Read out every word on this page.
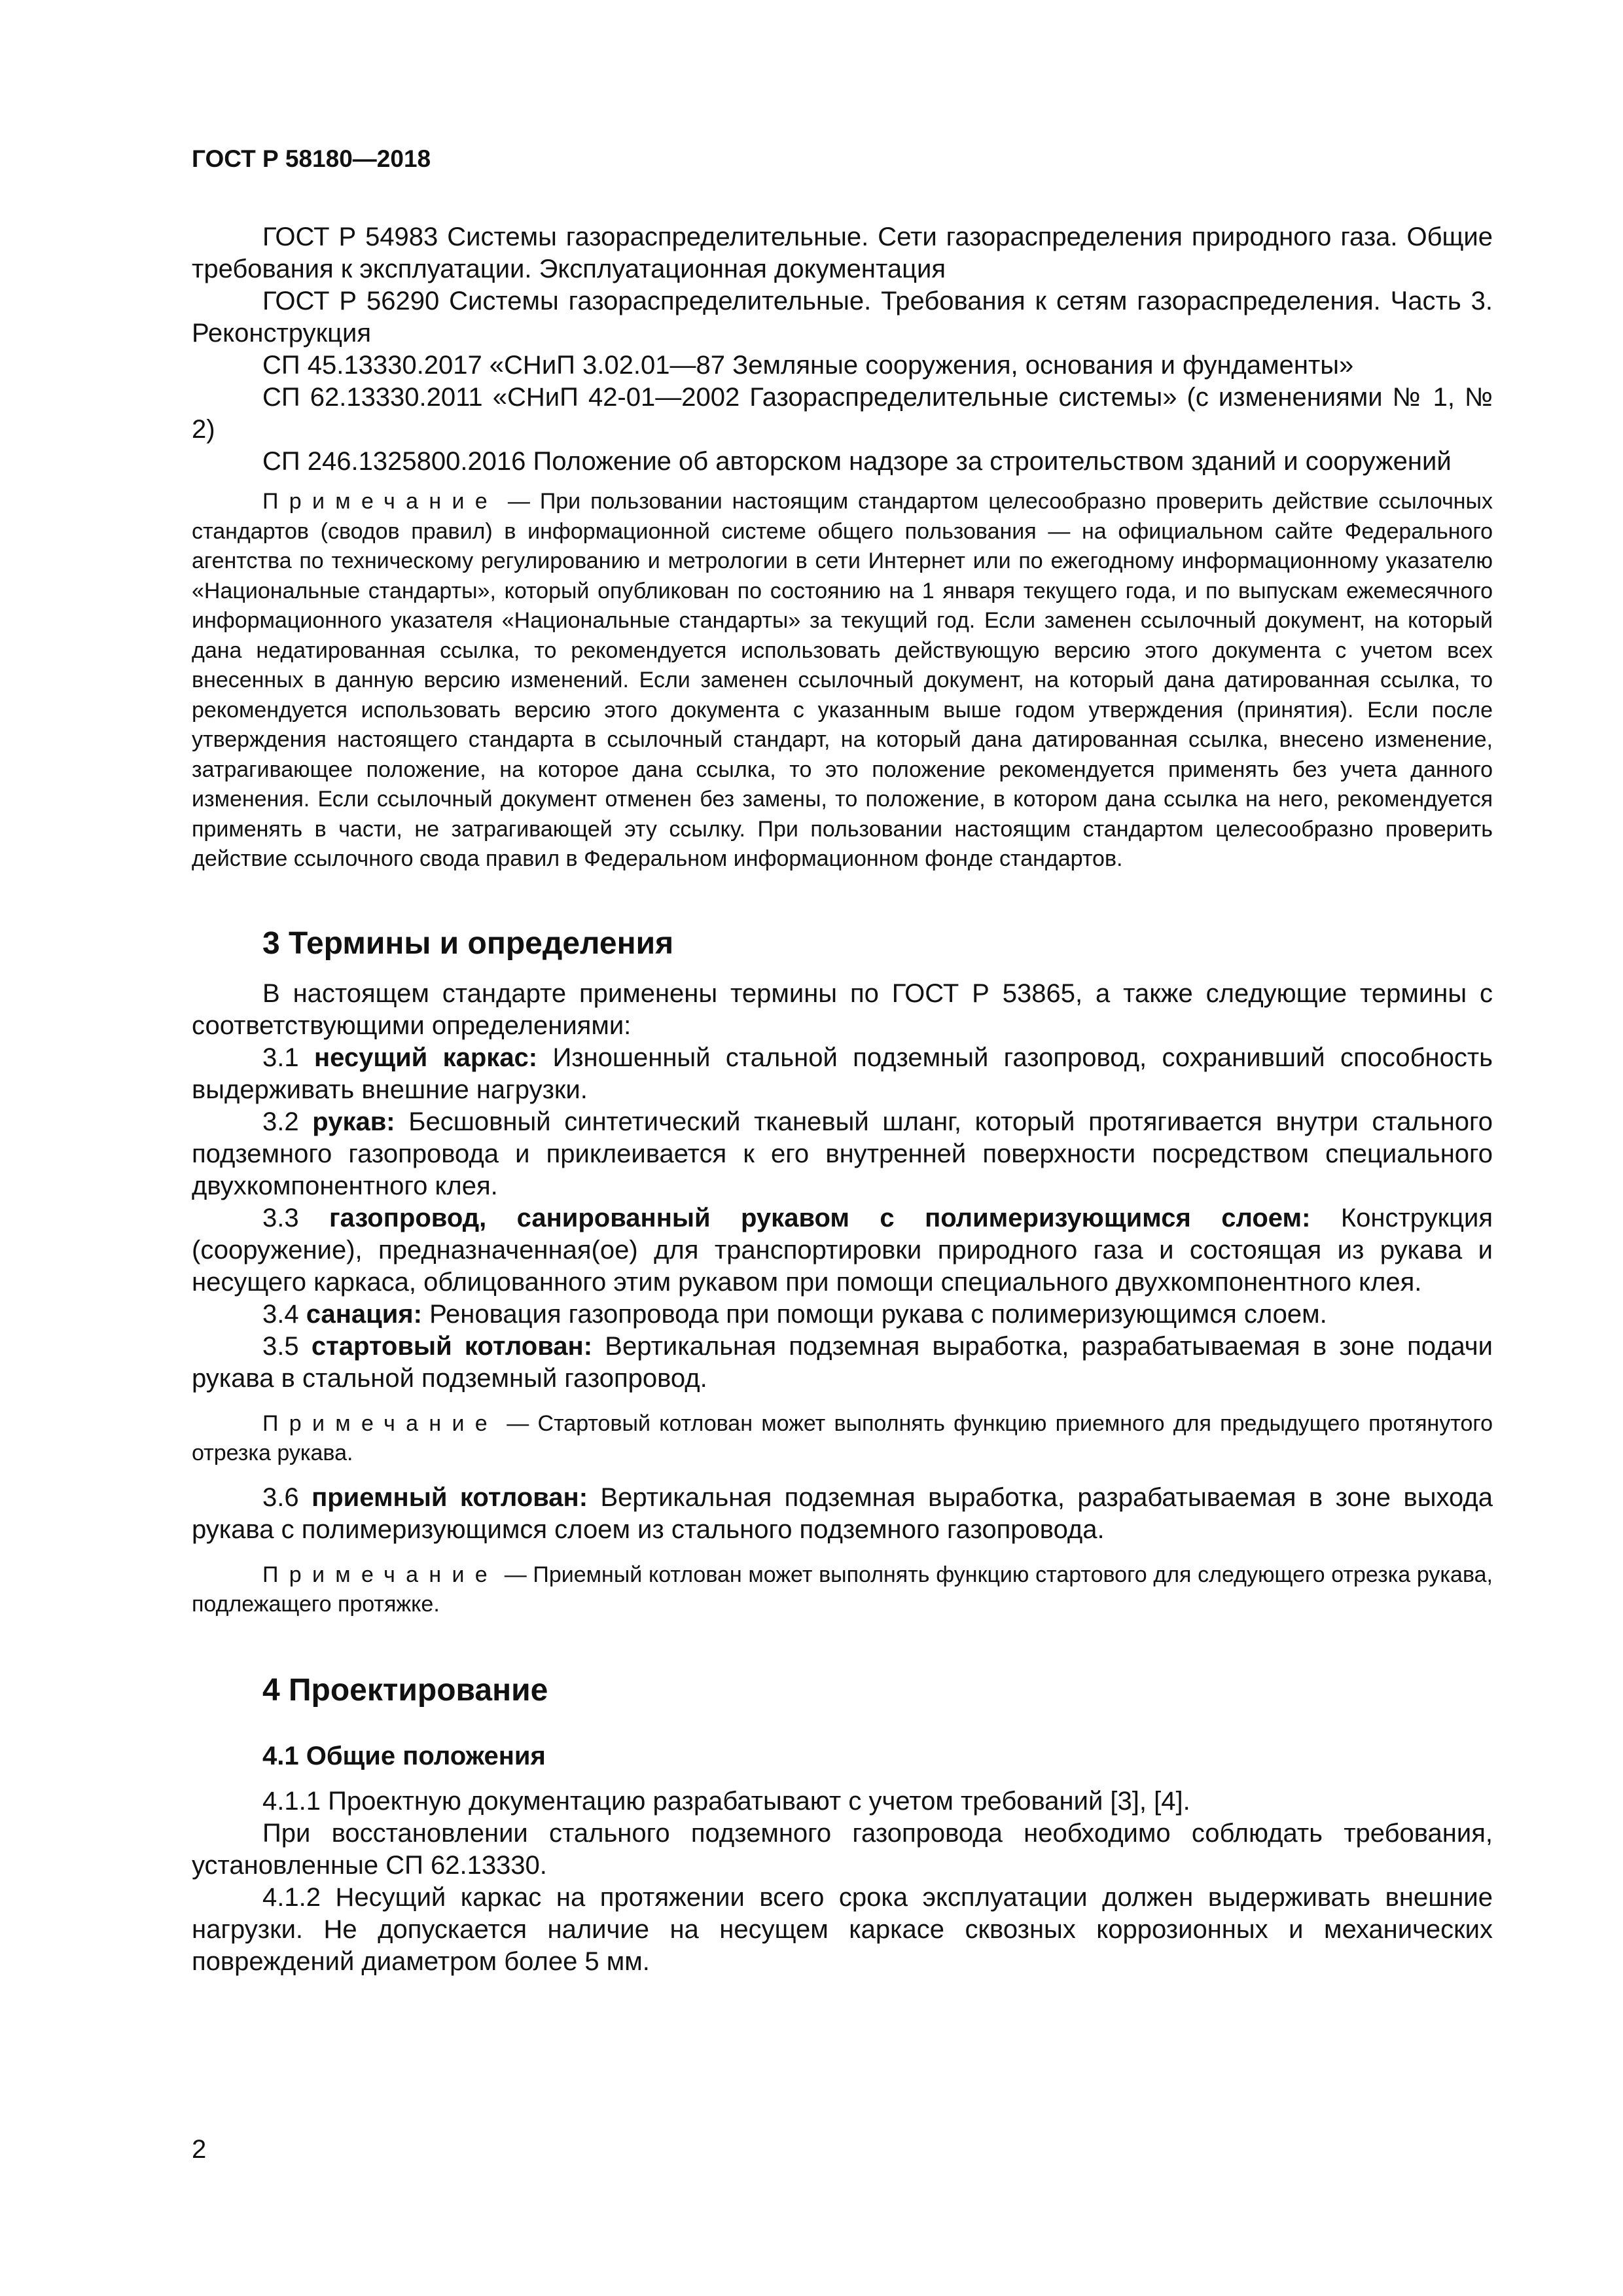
ГОСТ Р 58180—2018

ГОСТ Р 54983 Системы газораспределительные. Сети газораспределения природного газа. Общие требования к эксплуатации. Эксплуатационная документация

ГОСТ Р 56290 Системы газораспределительные. Требования к сетям газораспределения. Часть 3. Реконструкция

СП 45.13330.2017 «СНиП 3.02.01—87 Земляные сооружения, основания и фундаменты»

СП 62.13330.2011 «СНиП 42-01—2002 Газораспределительные системы» (с изменениями № 1, № 2)

СП 246.1325800.2016 Положение об авторском надзоре за строительством зданий и сооружений

Примечание — При пользовании настоящим стандартом целесообразно проверить действие ссылочных стандартов (сводов правил) в информационной системе общего пользования — на официальном сайте Федерального агентства по техническому регулированию и метрологии в сети Интернет или по ежегодному информационному указателю «Национальные стандарты», который опубликован по состоянию на 1 января текущего года, и по выпускам ежемесячного информационного указателя «Национальные стандарты» за текущий год. Если заменен ссылочный документ, на который дана недатированная ссылка, то рекомендуется использовать действующую версию этого документа с учетом всех внесенных в данную версию изменений. Если заменен ссылочный документ, на который дана датированная ссылка, то рекомендуется использовать версию этого документа с указанным выше годом утверждения (принятия). Если после утверждения настоящего стандарта в ссылочный стандарт, на который дана датированная ссылка, внесено изменение, затрагивающее положение, на которое дана ссылка, то это положение рекомендуется применять без учета данного изменения. Если ссылочный документ отменен без замены, то положение, в котором дана ссылка на него, рекомендуется применять в части, не затрагивающей эту ссылку. При пользовании настоящим стандартом целесообразно проверить действие ссылочного свода правил в Федеральном информационном фонде стандартов.

3 Термины и определения

В настоящем стандарте применены термины по ГОСТ Р 53865, а также следующие термины с соответствующими определениями:

3.1 несущий каркас: Изношенный стальной подземный газопровод, сохранивший способность выдерживать внешние нагрузки.

3.2 рукав: Бесшовный синтетический тканевый шланг, который протягивается внутри стального подземного газопровода и приклеивается к его внутренней поверхности посредством специального двухкомпонентного клея.

3.3 газопровод, санированный рукавом с полимеризующимся слоем: Конструкция (сооружение), предназначенная(ое) для транспортировки природного газа и состоящая из рукава и несущего каркаса, облицованного этим рукавом при помощи специального двухкомпонентного клея.

3.4 санация: Реновация газопровода при помощи рукава с полимеризующимся слоем.

3.5 стартовый котлован: Вертикальная подземная выработка, разрабатываемая в зоне подачи рукава в стальной подземный газопровод.

Примечание — Стартовый котлован может выполнять функцию приемного для предыдущего протянутого отрезка рукава.

3.6 приемный котлован: Вертикальная подземная выработка, разрабатываемая в зоне выхода рукава с полимеризующимся слоем из стального подземного газопровода.

Примечание — Приемный котлован может выполнять функцию стартового для следующего отрезка рукава, подлежащего протяжке.

4 Проектирование
4.1 Общие положения

4.1.1 Проектную документацию разрабатывают с учетом требований [3], [4].

При восстановлении стального подземного газопровода необходимо соблюдать требования, установленные СП 62.13330.

4.1.2 Несущий каркас на протяжении всего срока эксплуатации должен выдерживать внешние нагрузки. Не допускается наличие на несущем каркасе сквозных коррозионных и механических повреждений диаметром более 5 мм.

2
